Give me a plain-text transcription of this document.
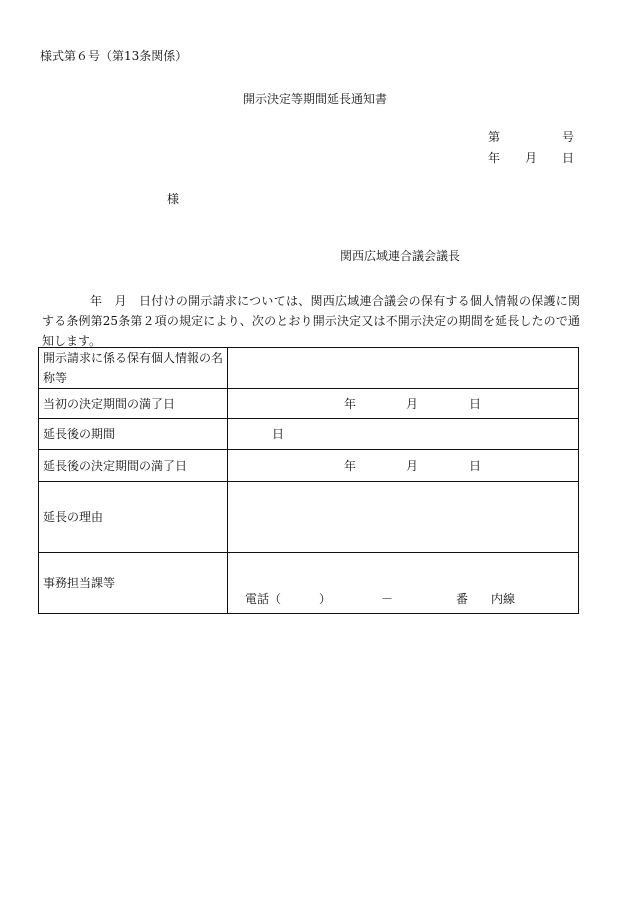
様式第６号（第13条関係）
開示決定等期間延長通知書
第	号
年 月 日
様
関西広域連合議会議長
年　月　日付けの開示請求については、関西広域連合議会の保有する個人情報の保護に関する条例第25条第２項の規定により、次のとおり開示決定又は不開示決定の期間を延長したので通知します。
開示請求に係る保有個人情報の名称等	
当初の決定期間の満了日	年 月 日

延長後の期間	日

延長後の決定期間の満了日	年 月 日

延長の理由	
事務担当課等	電話（ ） － 番 内線
